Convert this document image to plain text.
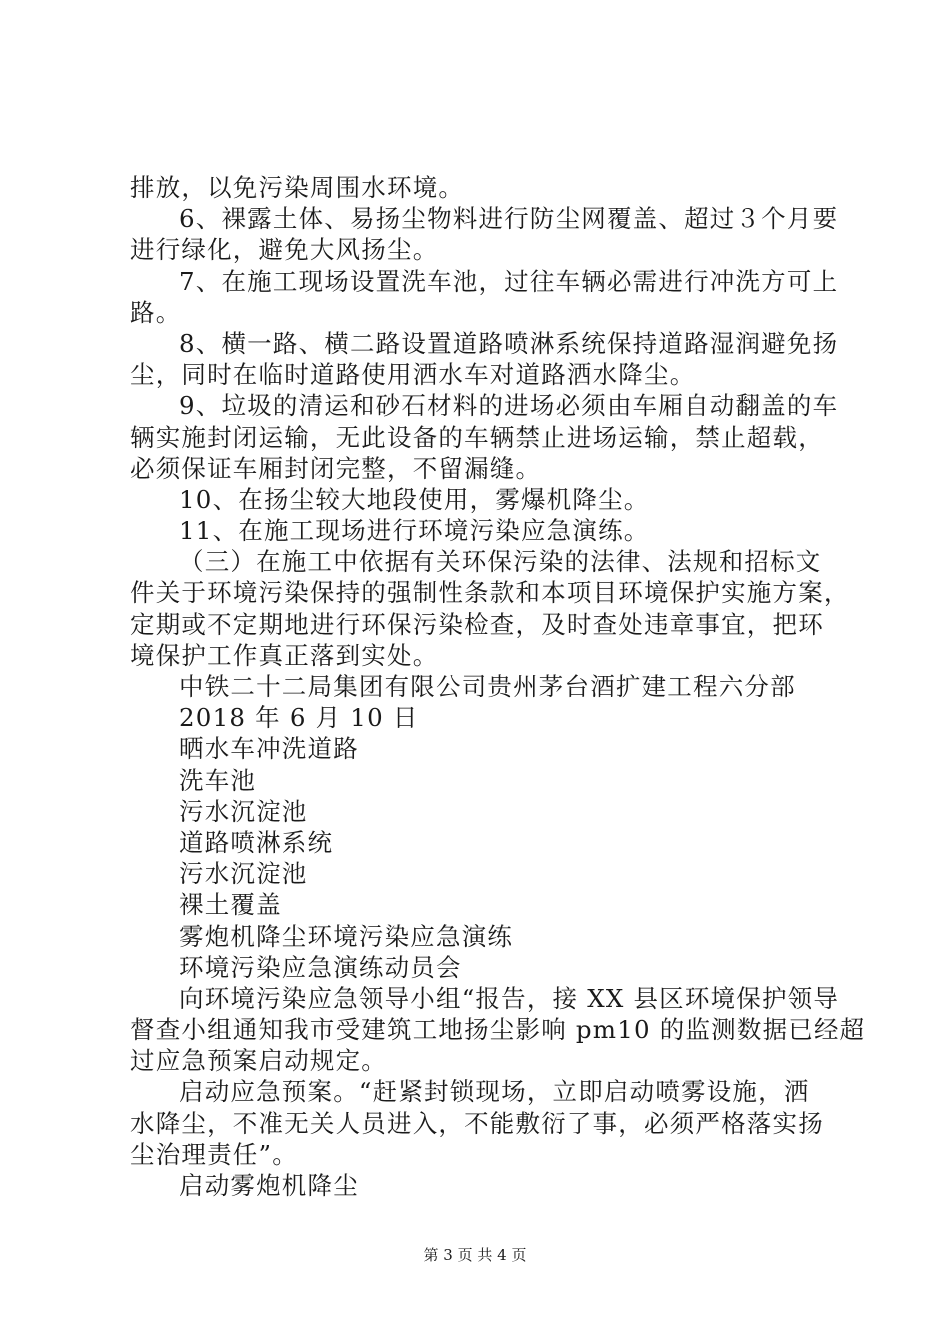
排放，以免污染周围水环境。
6、裸露土体、易扬尘物料进行防尘网覆盖、超过３个月要
进行绿化，避免大风扬尘。
7、在施工现场设置洗车池，过往车辆必需进行冲洗方可上
路。
8、横一路、横二路设置道路喷淋系统保持道路湿润避免扬
尘，同时在临时道路使用洒水车对道路洒水降尘。
9、垃圾的清运和砂石材料的进场必须由车厢自动翻盖的车
辆实施封闭运输，无此设备的车辆禁止进场运输，禁止超载，
必须保证车厢封闭完整，不留漏缝。
10、在扬尘较大地段使用，雾爆机降尘。
11、在施工现场进行环境污染应急演练。
（三）在施工中依据有关环保污染的法律、法规和招标文
件关于环境污染保持的强制性条款和本项目环境保护实施方案，
定期或不定期地进行环保污染检查，及时查处违章事宜，把环
境保护工作真正落到实处。
中铁二十二局集团有限公司贵州茅台酒扩建工程六分部
2018 年 6 月 10 日
晒水车冲洗道路
洗车池
污水沉淀池
道路喷淋系统
污水沉淀池
裸土覆盖
雾炮机降尘环境污染应急演练
环境污染应急演练动员会
向环境污染应急领导小组“报告，接 XX 县区环境保护领导
督查小组通知我市受建筑工地扬尘影响 pm10 的监测数据已经超
过应急预案启动规定。
启动应急预案。“赶紧封锁现场，立即启动喷雾设施，洒
水降尘，不准无关人员进入，不能敷衍了事，必须严格落实扬
尘治理责任”。
启动雾炮机降尘
第 3 页 共 4 页
